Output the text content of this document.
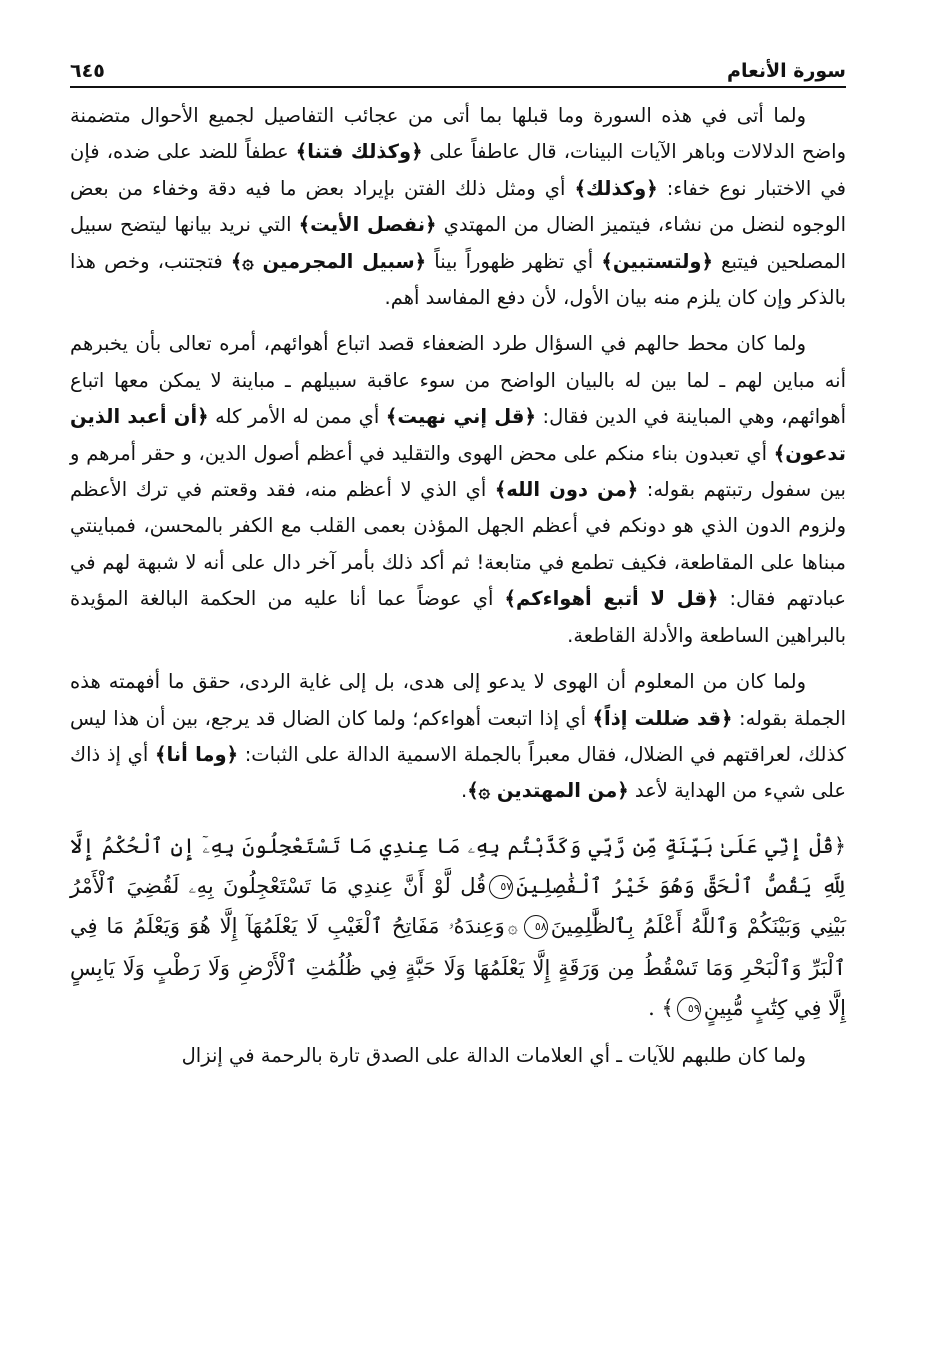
سورة الأنعام
٦٤٥

ولما أتى في هذه السورة وما قبلها بما أتى من عجائب التفاصيل لجميع الأحوال متضمنة واضح الدلالات وباهر الآيات البينات، قال عاطفاً على ﴿وكذلك فتنا﴾ عطفاً للضد على ضده، فإن في الاختبار نوع خفاء: ﴿وكذلك﴾ أي ومثل ذلك الفتن بإيراد بعض ما فيه دقة وخفاء من بعض الوجوه لنضل من نشاء، فيتميز الضال من المهتدي ﴿نفصل الأيت﴾ التي نريد بيانها ليتضح سبيل المصلحين فيتبع ﴿ولتستبين﴾ أي تظهر ظهوراً بيناً ﴿سبيل المجرمين ۞﴾ فتجتنب، وخص هذا بالذكر وإن كان يلزم منه بيان الأول، لأن دفع المفاسد أهم.

ولما كان محط حالهم في السؤال طرد الضعفاء قصد اتباع أهوائهم، أمره تعالى بأن يخبرهم أنه مباين لهم ـ لما بين له بالبيان الواضح من سوء عاقبة سبيلهم ـ مباينة لا يمكن معها اتباع أهوائهم، وهي المباينة في الدين فقال: ﴿قل إني نهيت﴾ أي ممن له الأمر كله ﴿أن أعبد الذين تدعون﴾ أي تعبدون بناء منكم على محض الهوى والتقليد في أعظم أصول الدين، و حقر أمرهم و بين سفول رتبتهم بقوله: ﴿من دون الله﴾ أي الذي لا أعظم منه، فقد وقعتم في ترك الأعظم ولزوم الدون الذي هو دونكم في أعظم الجهل المؤذن بعمى القلب مع الكفر بالمحسن، فمباينتي مبناها على المقاطعة، فكيف تطمع في متابعة! ثم أكد ذلك بأمر آخر دال على أنه لا شبهة لهم في عبادتهم فقال: ﴿قل لا أتبع أهواءكم﴾ أي عوضاً عما أنا عليه من الحكمة البالغة المؤيدة بالبراهين الساطعة والأدلة القاطعة.

ولما كان من المعلوم أن الهوى لا يدعو إلى هدى، بل إلى غاية الردى، حقق ما أفهمته هذه الجملة بقوله: ﴿قد ضللت إذاً﴾ أي إذا اتبعت أهواءكم؛ ولما كان الضال قد يرجع، بين أن هذا ليس كذلك، لعراقتهم في الضلال، فقال معبراً بالجملة الاسمية الدالة على الثبات: ﴿وما أنا﴾ أي إذ ذاك على شيء من الهداية لأعد ﴿من المهتدين ۞﴾.

﴿قُلْ إِنِّي عَلَىٰ بَيِّنَةٍ مِّن رَّبِّي وَكَذَّبْتُم بِهِۦ مَا عِندِي مَا تَسْتَعْجِلُونَ بِهِۦٓ إِنِ ٱلْحُكْمُ إِلَّا لِلَّهِ يَقُصُّ ٱلْحَقَّ وَهُوَ خَيْرُ ٱلْفَٰصِلِينَ٥٧قُل لَّوْ أَنَّ عِندِي مَا تَسْتَعْجِلُونَ بِهِۦ لَقُضِيَ ٱلْأَمْرُ بَيْنِي وَبَيْنَكُمْ وَٱللَّهُ أَعْلَمُ بِٱلظَّٰلِمِينَ٥٨۞وَعِندَهُۥ مَفَاتِحُ ٱلْغَيْبِ لَا يَعْلَمُهَآ إِلَّا هُوَ وَيَعْلَمُ مَا فِي ٱلْبَرِّ وَٱلْبَحْرِ وَمَا تَسْقُطُ مِن وَرَقَةٍ إِلَّا يَعْلَمُهَا وَلَا حَبَّةٍ فِي ظُلُمَٰتِ ٱلْأَرْضِ وَلَا رَطْبٍ وَلَا يَابِسٍ إِلَّا فِي كِتَٰبٍ مُّبِينٍ٥٩﴾ .

ولما كان طلبهم للآيات ـ أي العلامات الدالة على الصدق تارة بالرحمة في إنزال
